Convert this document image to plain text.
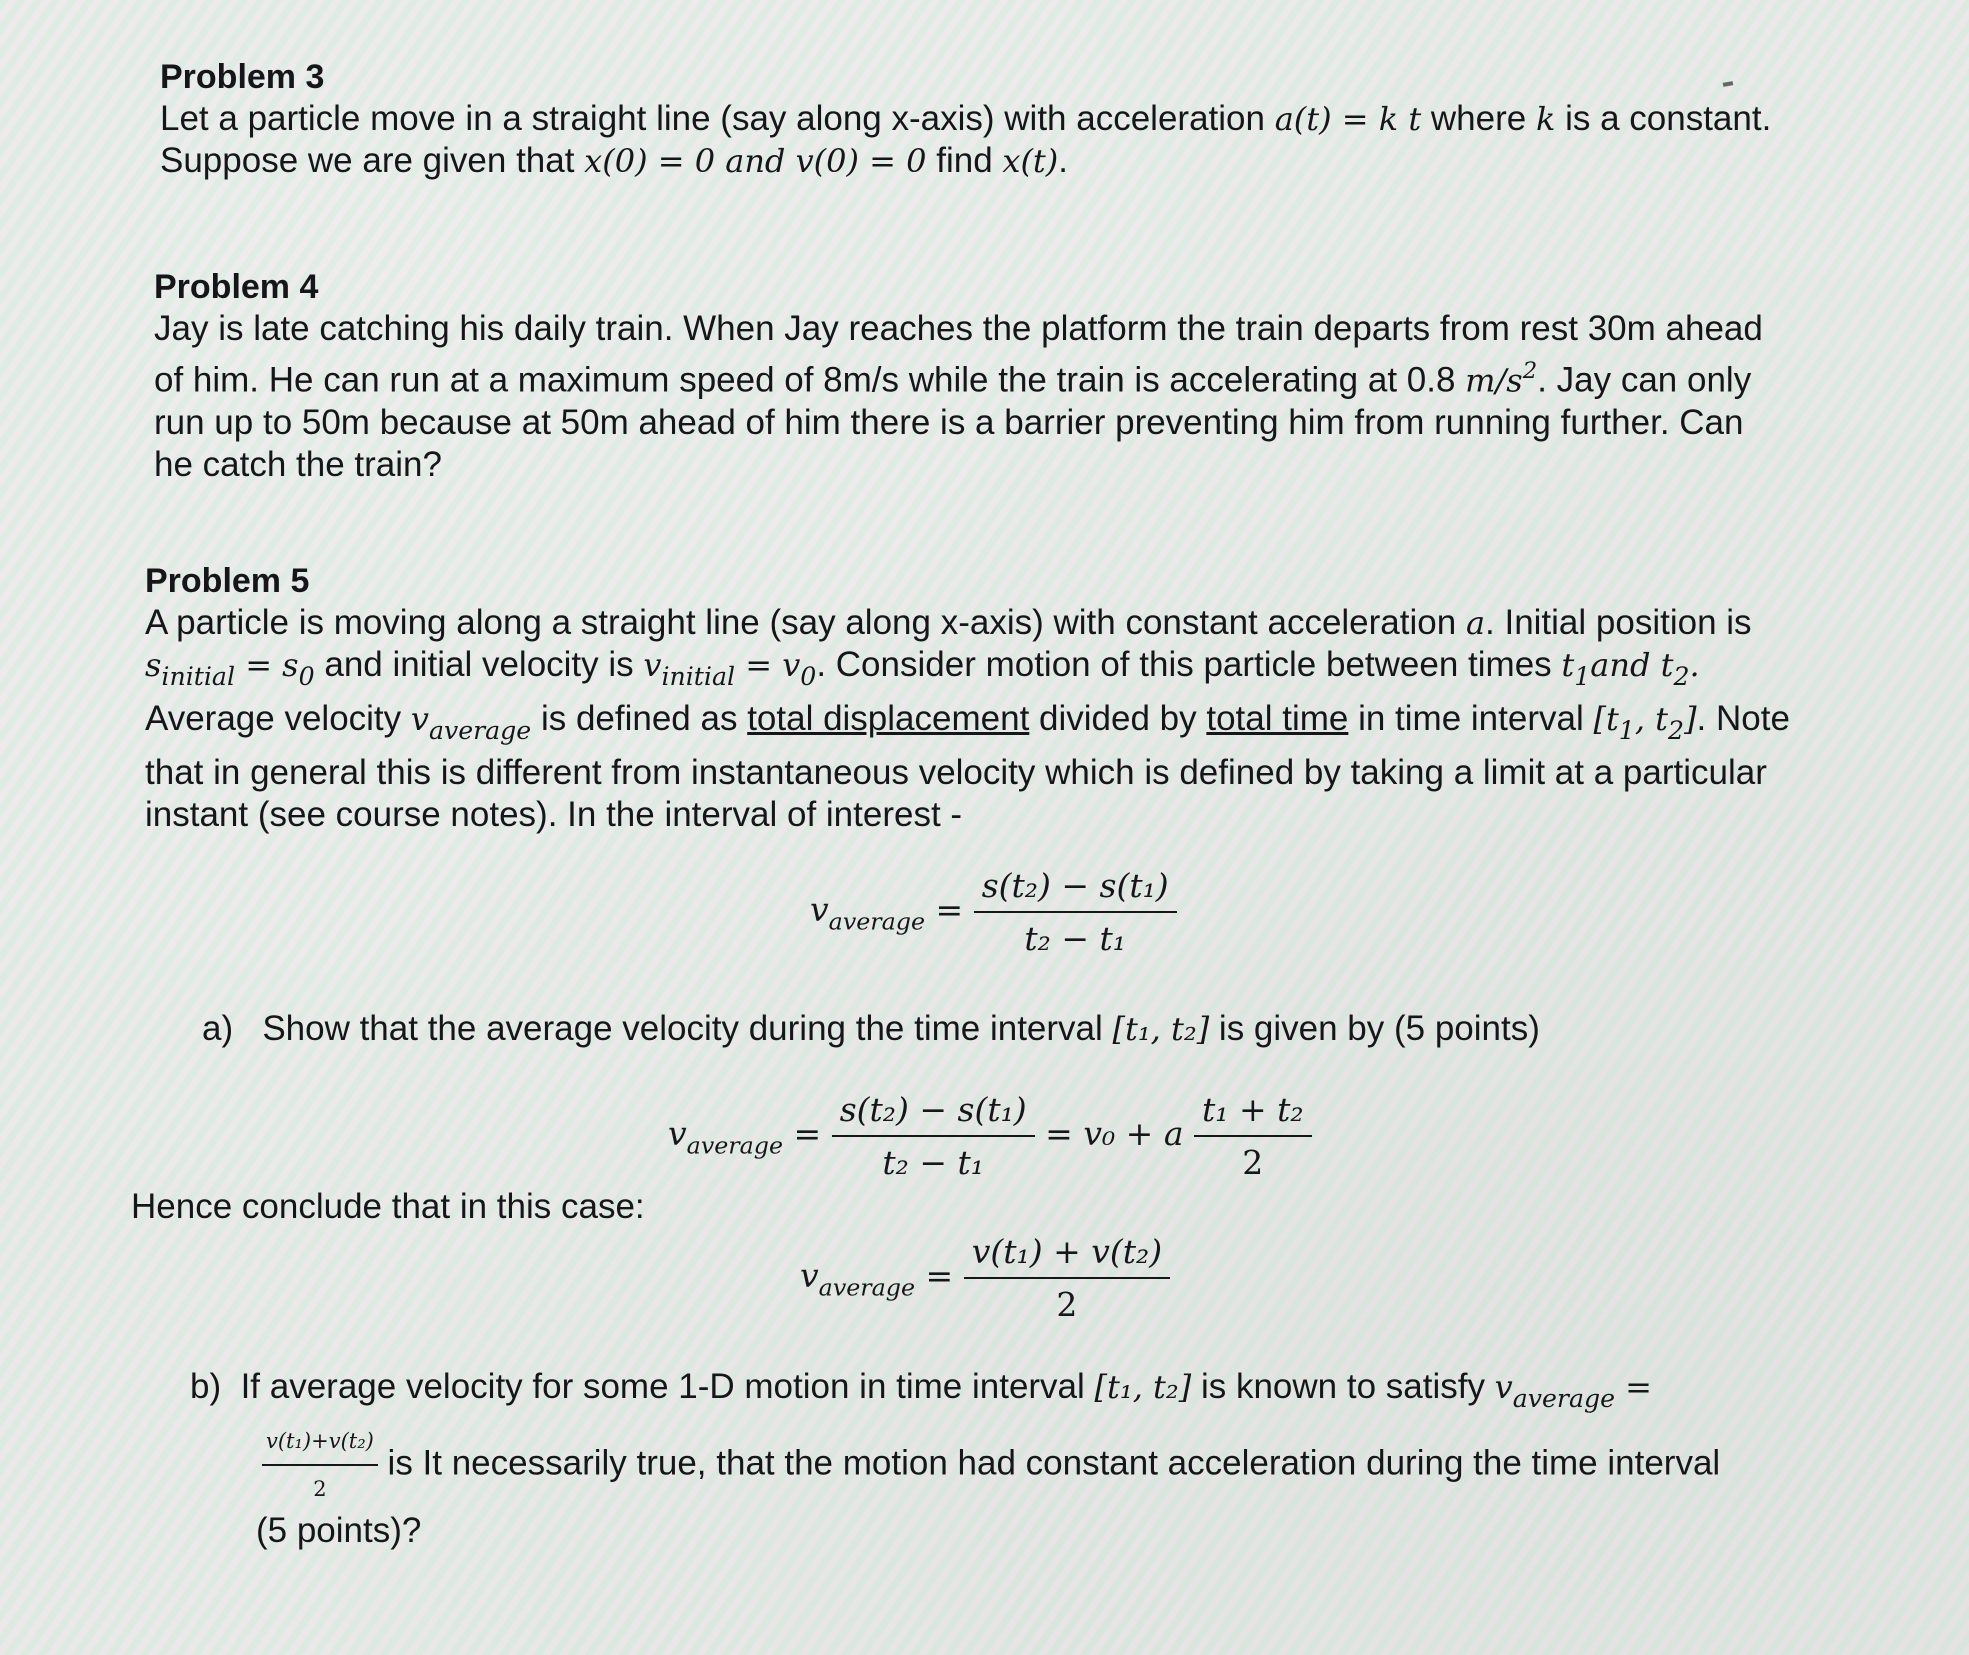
Problem 3
Let a particle move in a straight line (say along x-axis) with acceleration a(t) = k t where k is a constant.
Suppose we are given that x(0) = 0 and v(0) = 0 find x(t).
Problem 4
Jay is late catching his daily train. When Jay reaches the platform the train departs from rest 30m ahead
of him. He can run at a maximum speed of 8m/s while the train is accelerating at 0.8 $m/s^2$. Jay can only
run up to 50m because at 50m ahead of him there is a barrier preventing him from running further. Can
he catch the train?
Problem 5
A particle is moving along a straight line (say along x-axis) with constant acceleration a. Initial position is
$s_{initial} = s_0$ and initial velocity is $v_{initial} = v_0$. Consider motion of this particle between times $t_1and$ $t_2$.
Average velocity $v_{average}$ is defined as total displacement divided by total time in time interval [$t_1$, $t_2$]. Note
that in general this is different from instantaneous velocity which is defined by taking a limit at a particular
instant (see course notes). In the interval of interest -
$v_{average} = \frac{\text{s(t₂) − s(t₁)}}{\text{t₂ − t₁}}$
a) Show that the average velocity during the time interval [t₁, t₂] is given by (5 points)
$v_{average} = \frac{\text{s(t₂) − s(t₁)}}{\text{t₂ − t₁}} = v_0 + a \frac{\text{t₁ + t₂}}{2}$
Hence conclude that in this case:
$v_{average} = \frac{\text{v(t₁) + v(t₂)}}{2}$
b) If average velocity for some 1-D motion in time interval [t₁, t₂] is known to satisfy $v_{average}$ =
$\frac{\text{v(t₁)+v(t₂)}}{2}$ is It necessarily true, that the motion had constant acceleration during the time interval
(5 points)?
